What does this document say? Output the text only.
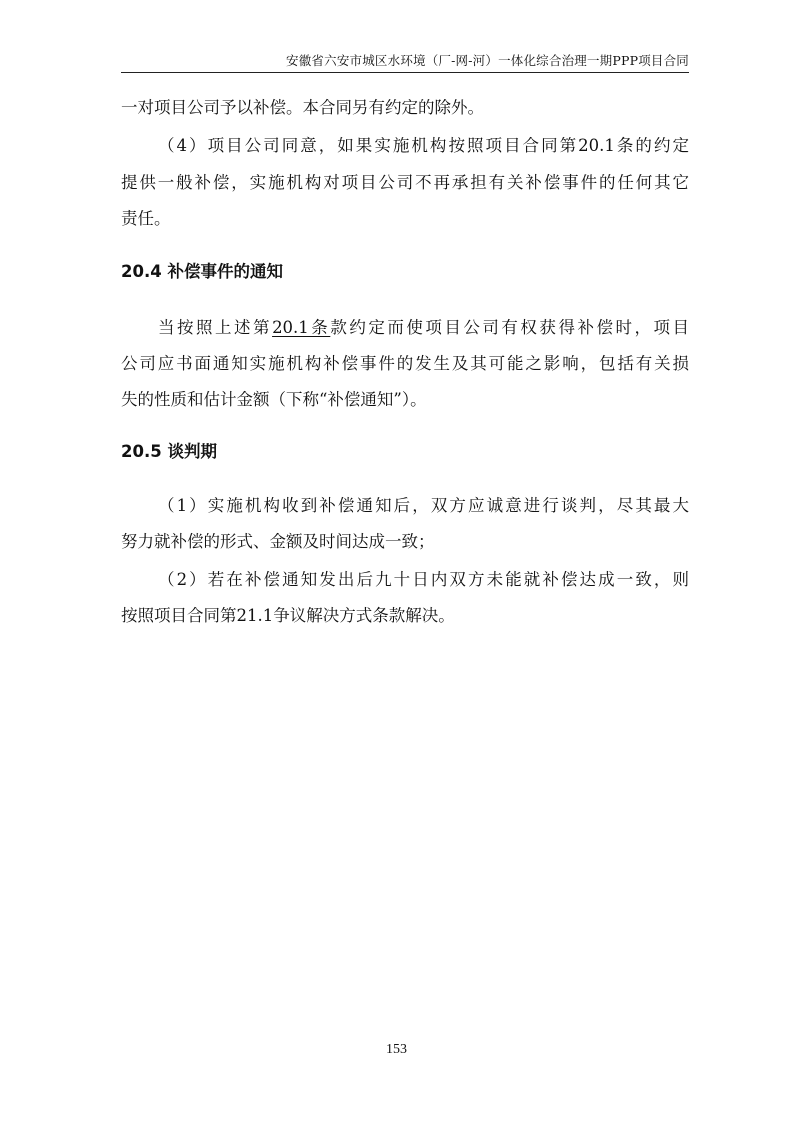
安徽省六安市城区水环境（厂-网-河）一体化综合治理一期PPP项目合同
一对项目公司予以补偿。本合同另有约定的除外。
（4）项目公司同意，如果实施机构按照项目合同第20.1条的约定
提供一般补偿，实施机构对项目公司不再承担有关补偿事件的任何其它
责任。
20.4 补偿事件的通知
当按照上述第20.1条款约定而使项目公司有权获得补偿时，项目
公司应书面通知实施机构补偿事件的发生及其可能之影响，包括有关损
失的性质和估计金额（下称“补偿通知”）。
20.5 谈判期
（1）实施机构收到补偿通知后，双方应诚意进行谈判，尽其最大
努力就补偿的形式、金额及时间达成一致；
（2）若在补偿通知发出后九十日内双方未能就补偿达成一致，则
按照项目合同第21.1争议解决方式条款解决。
153
